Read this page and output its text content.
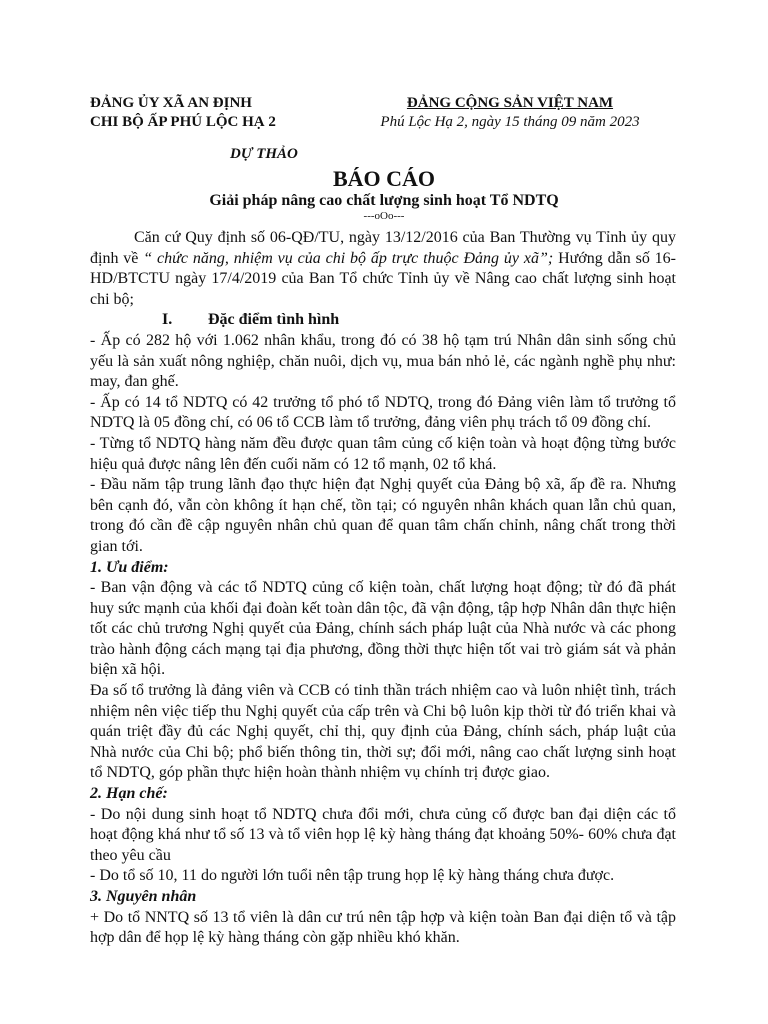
ĐẢNG ỦY XÃ AN ĐỊNH
CHI BỘ ẤP PHÚ LỘC HẠ 2
ĐẢNG CỘNG SẢN VIỆT NAM
Phú Lộc Hạ 2, ngày 15 tháng 09 năm 2023
DỰ THẢO
BÁO CÁO
Giải pháp nâng cao chất lượng sinh hoạt Tổ NDTQ
---oOo---

Căn cứ Quy định số 06-QĐ/TU, ngày 13/12/2016 của Ban Thường vụ Tỉnh ủy quy định về “ chức năng, nhiệm vụ của chi bộ ấp trực thuộc Đảng ủy xã”; Hướng dẫn số 16-HD/BTCTU ngày 17/4/2019 của Ban Tổ chức Tỉnh ủy về Nâng cao chất lượng sinh hoạt chi bộ;

I. Đặc điểm tình hình

- Ấp có 282 hộ với 1.062 nhân khẩu, trong đó có 38 hộ tạm trú Nhân dân sinh sống chủ yếu là sản xuất nông nghiệp, chăn nuôi, dịch vụ, mua bán nhỏ lẻ, các ngành nghề phụ như: may, đan ghế.

- Ấp có 14 tổ NDTQ có 42 trưởng tổ phó tổ NDTQ, trong đó Đảng viên làm tổ trưởng tổ NDTQ là 05 đồng chí, có 06 tổ CCB làm tổ trưởng, đảng viên phụ trách tổ 09 đồng chí.

- Từng tổ NDTQ hàng năm đều được quan tâm củng cố kiện toàn và hoạt động từng bước hiệu quả được nâng lên đến cuối năm có 12 tổ mạnh, 02 tổ khá.

- Đầu năm tập trung lãnh đạo thực hiện đạt Nghị quyết của Đảng bộ xã, ấp đề ra. Nhưng bên cạnh đó, vẫn còn không ít hạn chế, tồn tại; có nguyên nhân khách quan lẫn chủ quan, trong đó cần đề cập nguyên nhân chủ quan để quan tâm chấn chỉnh, nâng chất trong thời gian tới.

1. Ưu điểm:

- Ban vận động và các tổ NDTQ củng cố kiện toàn, chất lượng hoạt động; từ đó đã phát huy sức mạnh của khối đại đoàn kết toàn dân tộc, đã vận động, tập hợp Nhân dân thực hiện tốt các chủ trương Nghị quyết của Đảng, chính sách pháp luật của Nhà nước và các phong trào hành động cách mạng tại địa phương, đồng thời thực hiện tốt vai trò giám sát và phản biện xã hội.

Đa số tổ trưởng là đảng viên và CCB có tinh thần trách nhiệm cao và luôn nhiệt tình, trách nhiệm nên việc tiếp thu Nghị quyết của cấp trên và Chi bộ luôn kịp thời từ đó triển khai và quán triệt đầy đủ các Nghị quyết, chỉ thị, quy định của Đảng, chính sách, pháp luật của Nhà nước của Chi bộ; phổ biến thông tin, thời sự; đổi mới, nâng cao chất lượng sinh hoạt tổ NDTQ, góp phần thực hiện hoàn thành nhiệm vụ chính trị được giao.

2. Hạn chế:

- Do nội dung sinh hoạt tổ NDTQ chưa đổi mới, chưa củng cố được ban đại diện các tổ hoạt động khá như tổ số 13 và tổ viên họp lệ kỳ hàng tháng đạt khoảng 50%- 60% chưa đạt theo yêu cầu

- Do tổ số 10, 11 do người lớn tuổi nên tập trung họp lệ kỳ hàng tháng chưa được.

3. Nguyên nhân

+ Do tổ NNTQ số 13 tổ viên là dân cư trú nên tập hợp và kiện toàn Ban đại diện tổ và tập hợp dân để họp lệ kỳ hàng tháng còn gặp nhiều khó khăn.
